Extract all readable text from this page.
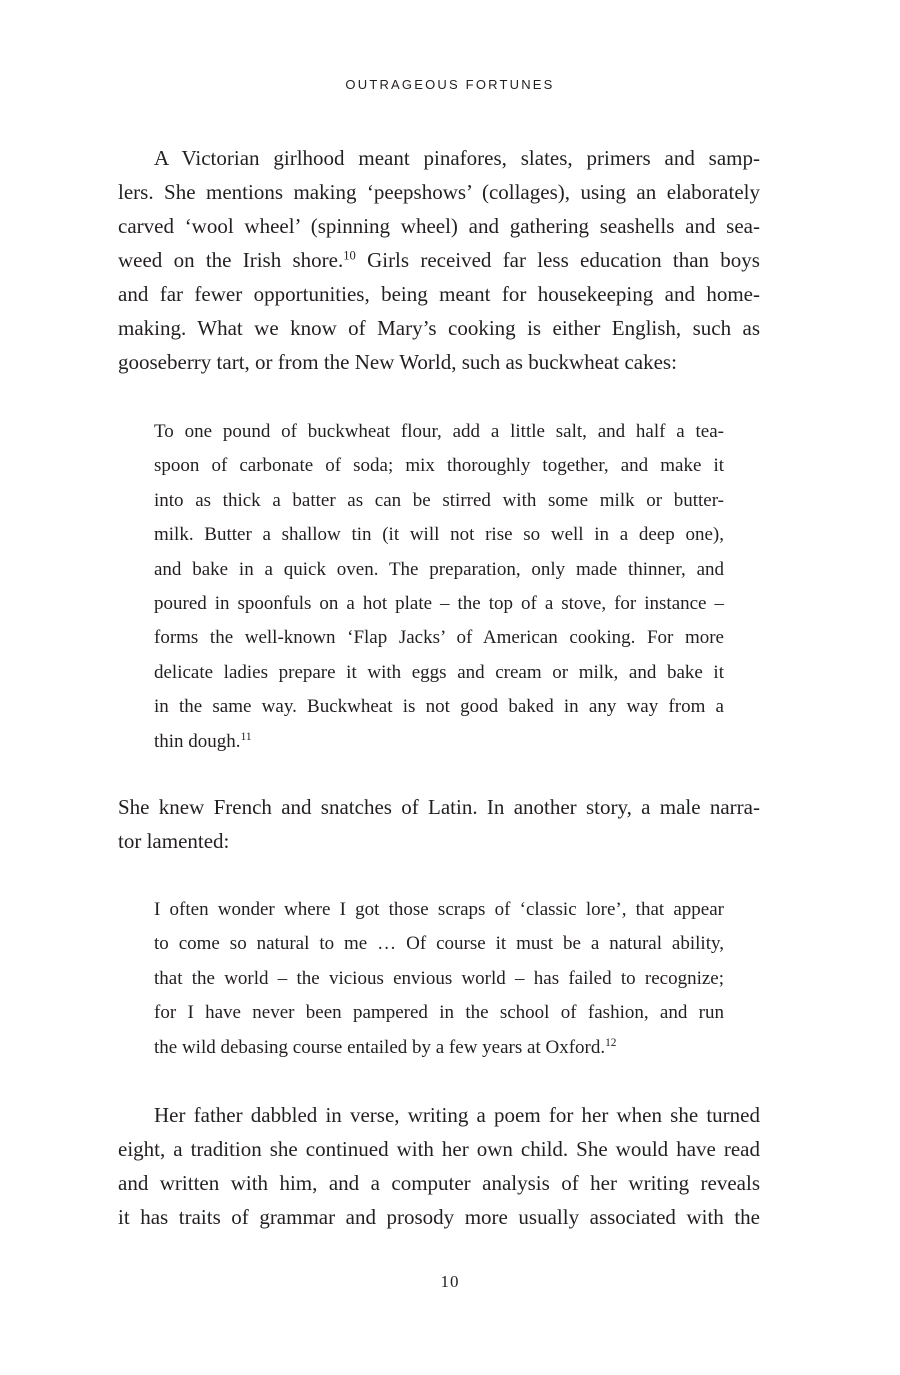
OUTRAGEOUS FORTUNES
A Victorian girlhood meant pinafores, slates, primers and samp-
lers. She mentions making ‘peepshows’ (collages), using an elaborately
carved ‘wool wheel’ (spinning wheel) and gathering seashells and sea-
weed on the Irish shore.$^{10}$ Girls received far less education than boys
and far fewer opportunities, being meant for housekeeping and home-
making. What we know of Mary’s cooking is either English, such as
gooseberry tart, or from the New World, such as buckwheat cakes:
To one pound of buckwheat flour, add a little salt, and half a tea-
spoon of carbonate of soda; mix thoroughly together, and make it
into as thick a batter as can be stirred with some milk or butter-
milk. Butter a shallow tin (it will not rise so well in a deep one),
and bake in a quick oven. The preparation, only made thinner, and
poured in spoonfuls on a hot plate – the top of a stove, for instance –
forms the well-known ‘Flap Jacks’ of American cooking. For more
delicate ladies prepare it with eggs and cream or milk, and bake it
in the same way. Buckwheat is not good baked in any way from a
thin dough.$^{11}$
She knew French and snatches of Latin. In another story, a male narra-
tor lamented:
I often wonder where I got those scraps of ‘classic lore’, that appear
to come so natural to me … Of course it must be a natural ability,
that the world – the vicious envious world – has failed to recognize;
for I have never been pampered in the school of fashion, and run
the wild debasing course entailed by a few years at Oxford.$^{12}$
Her father dabbled in verse, writing a poem for her when she turned
eight, a tradition she continued with her own child. She would have read
and written with him, and a computer analysis of her writing reveals
it has traits of grammar and prosody more usually associated with the
10
